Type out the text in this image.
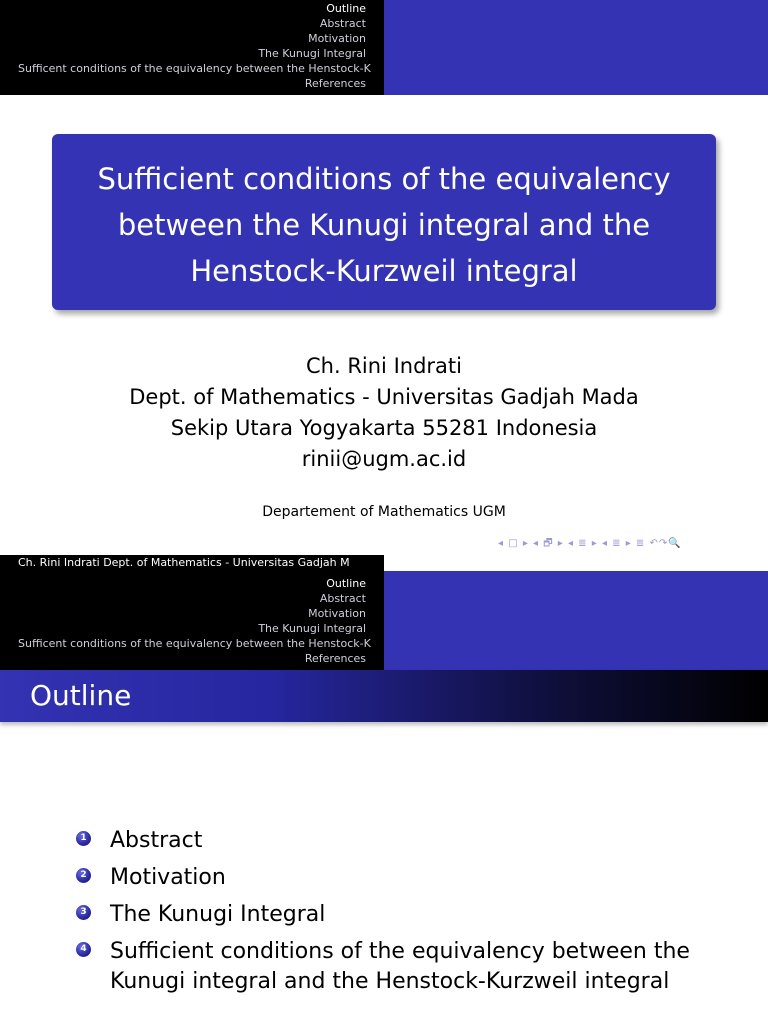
Outline
Abstract
Motivation
The Kunugi Integral
Sufficent conditions of the equivalency between the Henstock-K
References
Sufficient conditions of the equivalency
between the Kunugi integral and the
Henstock-Kurzweil integral
Ch. Rini Indrati
Dept. of Mathematics - Universitas Gadjah Mada
Sekip Utara Yogyakarta 55281 Indonesia
rinii@ugm.ac.id
Departement of Mathematics UGM
◂ □ ▸ ◂ 🗗 ▸ ◂ ≣ ▸ ◂ ≣ ▸ ≣ ↶↷🔍
Ch. Rini Indrati Dept. of Mathematics - Universitas Gadjah M
Outline
Abstract
Motivation
The Kunugi Integral
Sufficent conditions of the equivalency between the Henstock-K
References
Outline
1 Abstract
2 Motivation
3 The Kunugi Integral
4 Sufficient conditions of the equivalency between the
Kunugi integral and the Henstock-Kurzweil integral
